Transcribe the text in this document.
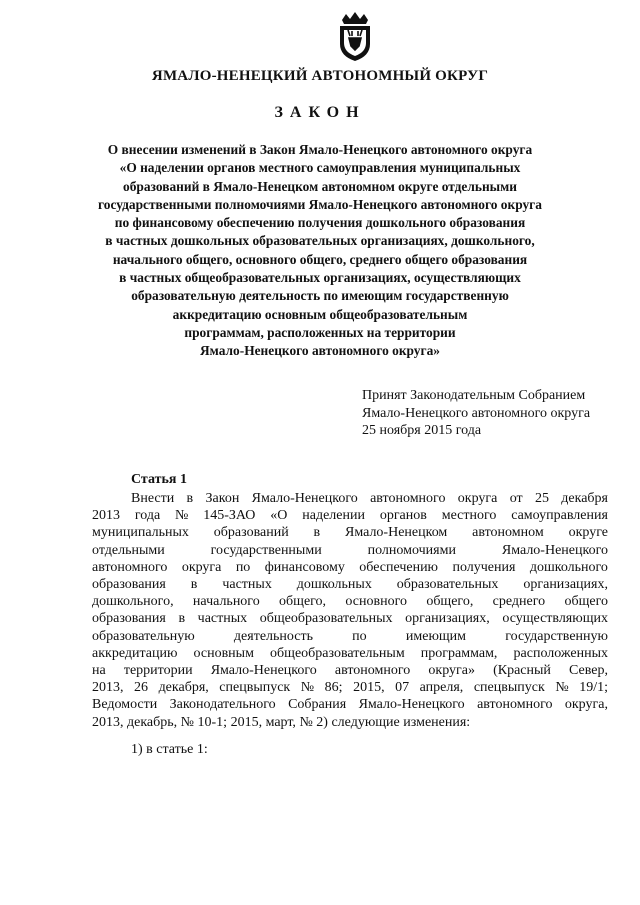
ЯМАЛО-НЕНЕЦКИЙ АВТОНОМНЫЙ ОКРУГ
ЗАКОН
О внесении изменений в Закон Ямало-Ненецкого автономного округа
«О наделении органов местного самоуправления муниципальных
образований в Ямало-Ненецком автономном округе отдельными
государственными полномочиями Ямало-Ненецкого автономного округа
по финансовому обеспечению получения дошкольного образования
в частных дошкольных образовательных организациях, дошкольного,
начального общего, основного общего, среднего общего образования
в частных общеобразовательных организациях, осуществляющих
образовательную деятельность по имеющим государственную
аккредитацию основным общеобразовательным
программам, расположенных на территории
Ямало-Ненецкого автономного округа»
Принят Законодательным Собранием
Ямало-Ненецкого автономного округа
25 ноября 2015 года
Статья 1
Внести в Закон Ямало-Ненецкого автономного округа от 25 декабря
2013 года № 145-ЗАО «О наделении органов местного самоуправления
муниципальных образований в Ямало-Ненецком автономном округе
отдельными	государственными	полномочиями	Ямало-Ненецкого
автономного округа по финансовому обеспечению получения дошкольного
образования в частных дошкольных образовательных организациях,
дошкольного, начального общего, основного общего, среднего общего
образования в частных общеобразовательных организациях, осуществляющих
образовательную	деятельность	по	имеющим	государственную
аккредитацию основным общеобразовательным программам, расположенных
на территории Ямало-Ненецкого автономного округа» (Красный Север,
2013, 26 декабря, спецвыпуск № 86; 2015, 07 апреля, спецвыпуск № 19/1;
Ведомости Законодательного Собрания Ямало-Ненецкого автономного округа,
2013, декабрь, № 10-1; 2015, март, № 2) следующие изменения:
1) в статье 1:
